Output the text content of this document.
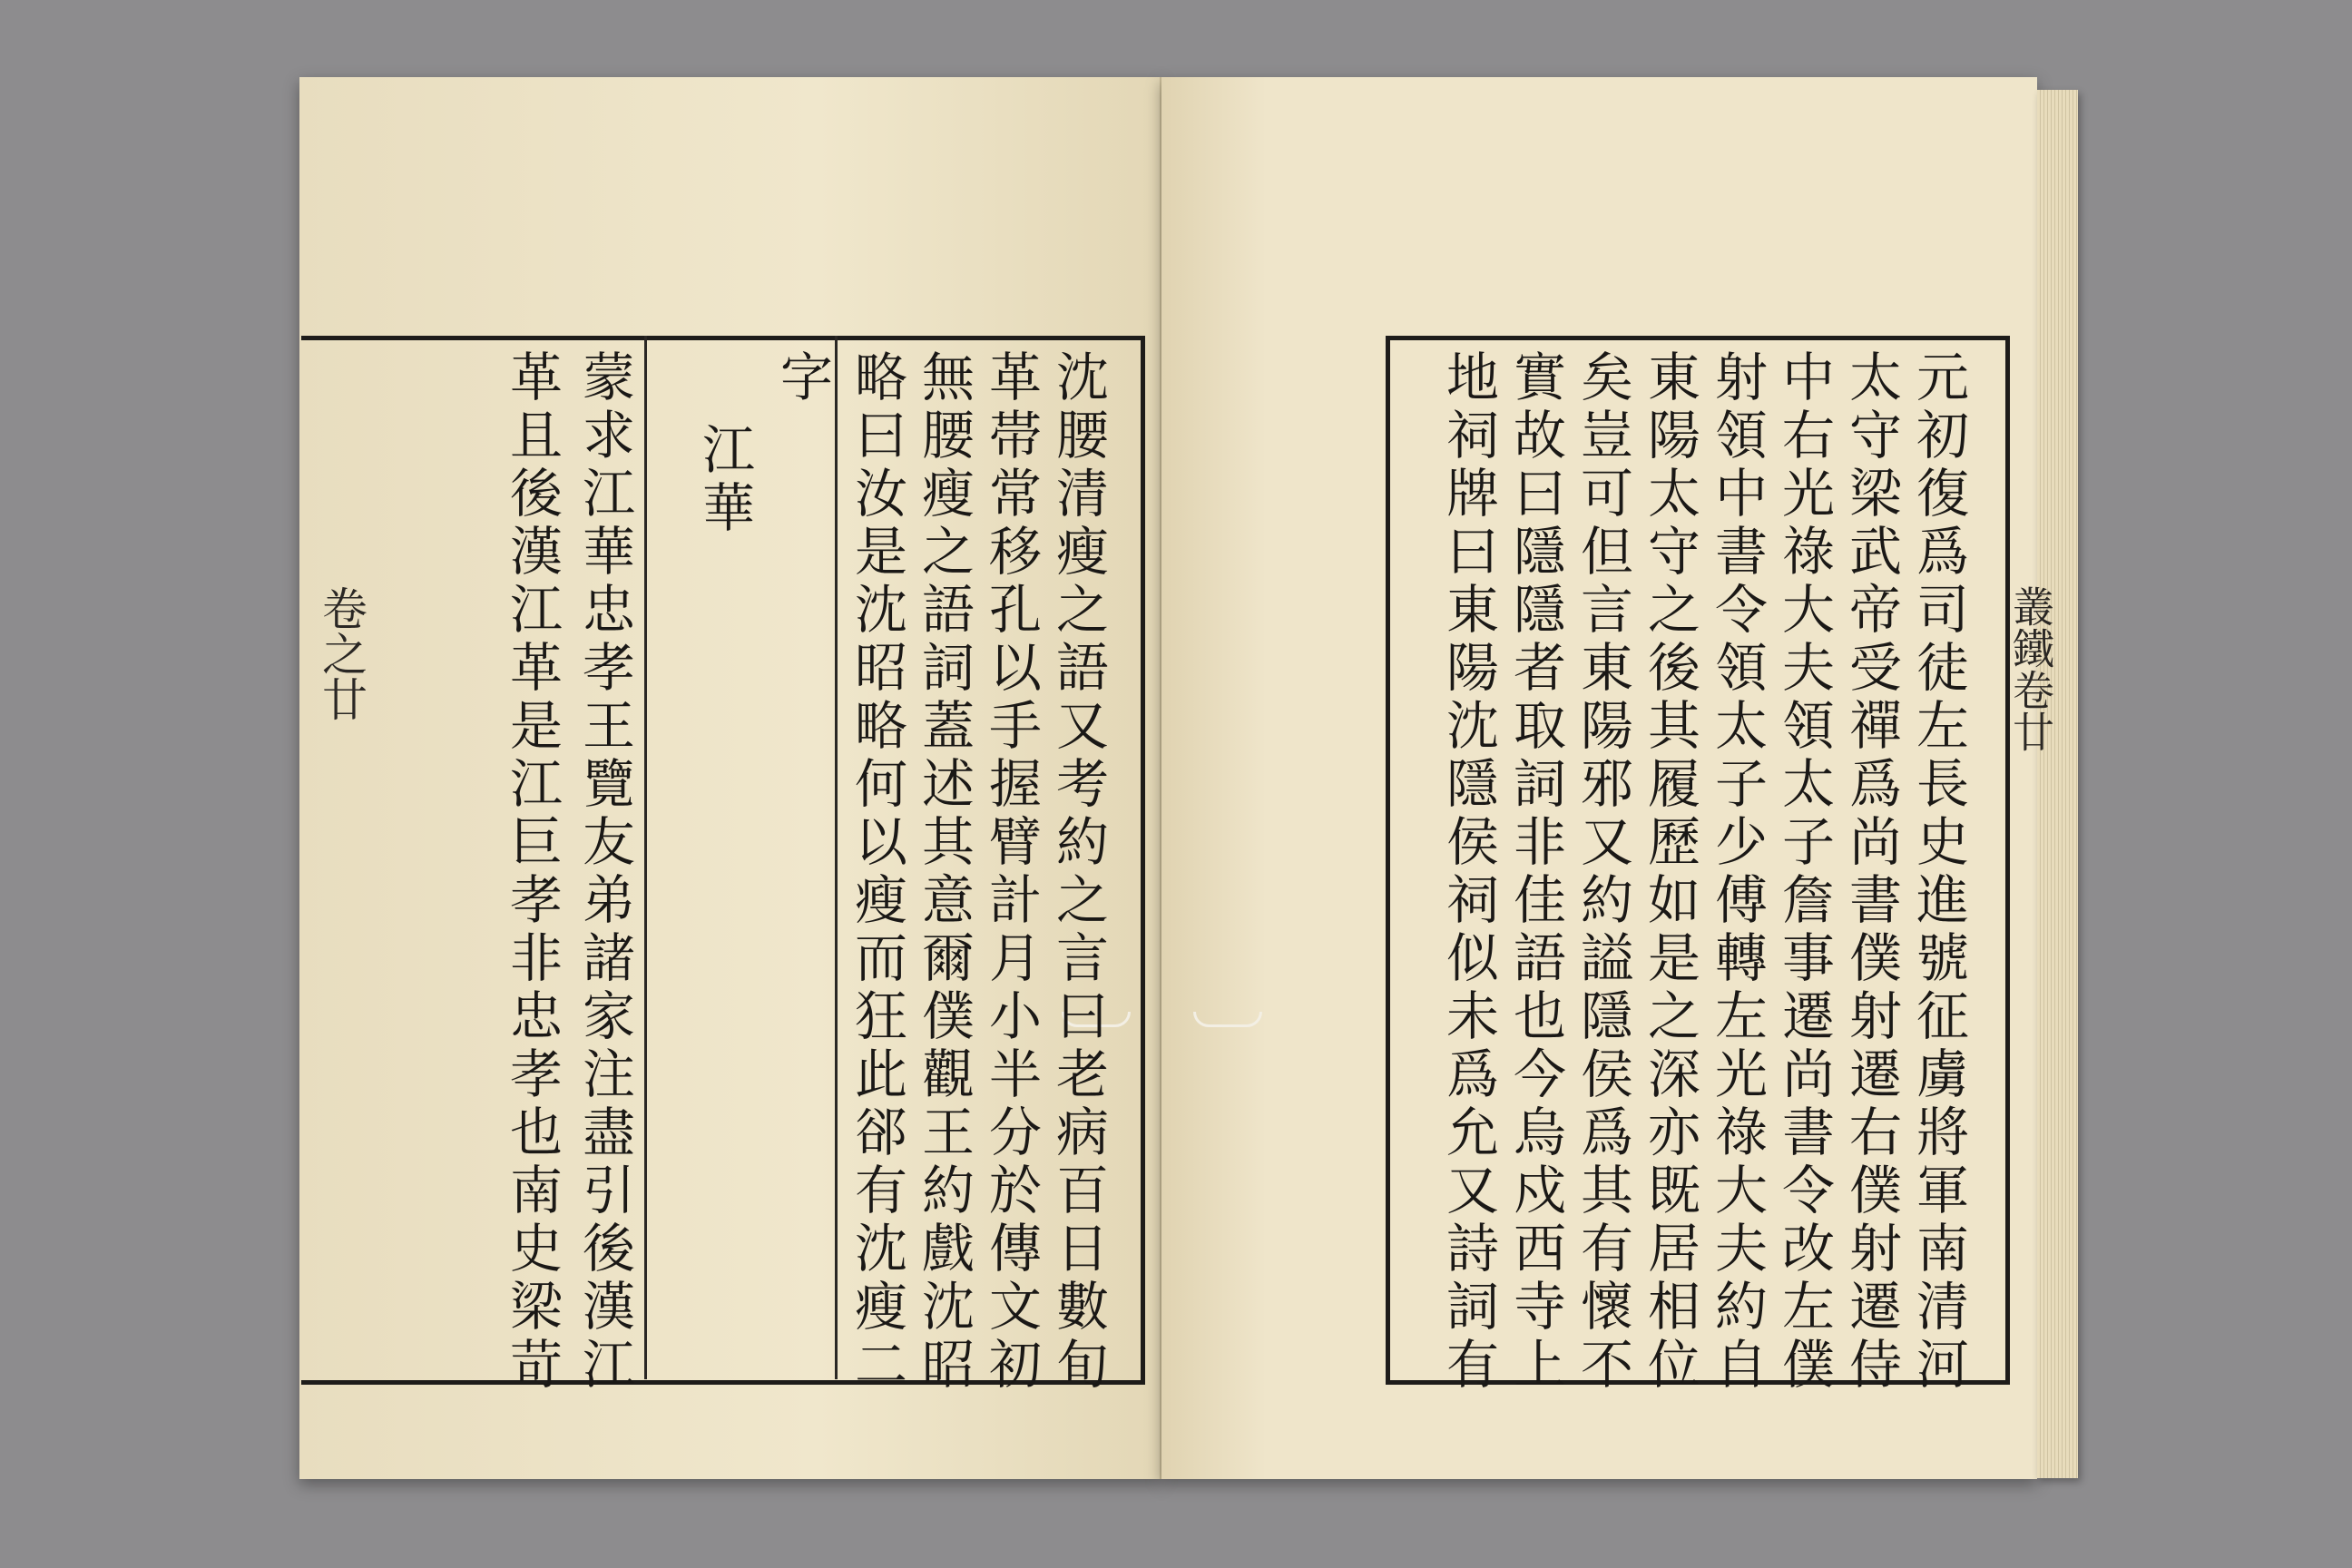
沈腰清瘦之語又考約之言曰老病百日數旬
革帯常移孔以手握臂計月小半分於傳文初
無腰瘦之語詞蓋述其意爾僕觀王約戲沈昭
略曰汝是沈昭略何以瘦而狂此郤有沈瘦二
字
江華
蒙求江華忠孝王覽友弟諸家注盡引後漢江
革且後漢江革是江巨孝非忠孝也南史梁苛
卷之廿	元初復爲司徒左長史進號征虜將軍南清河
太守梁武帝受禪爲尚書僕射遷右僕射遷侍
中右光祿大夫領太子詹事遷尚書令改左僕
射領中書令領太子少傅轉左光祿大夫約自
東陽太守之後其履歷如是之深亦既居相位
矣豈可但言東陽邪又約謚隱侯爲其有懷不
實故曰隱隱者取詞非佳語也今烏戍西寺上
地祠牌曰東陽沈隱侯祠似未爲允又詩詞有	叢鐵卷廿
